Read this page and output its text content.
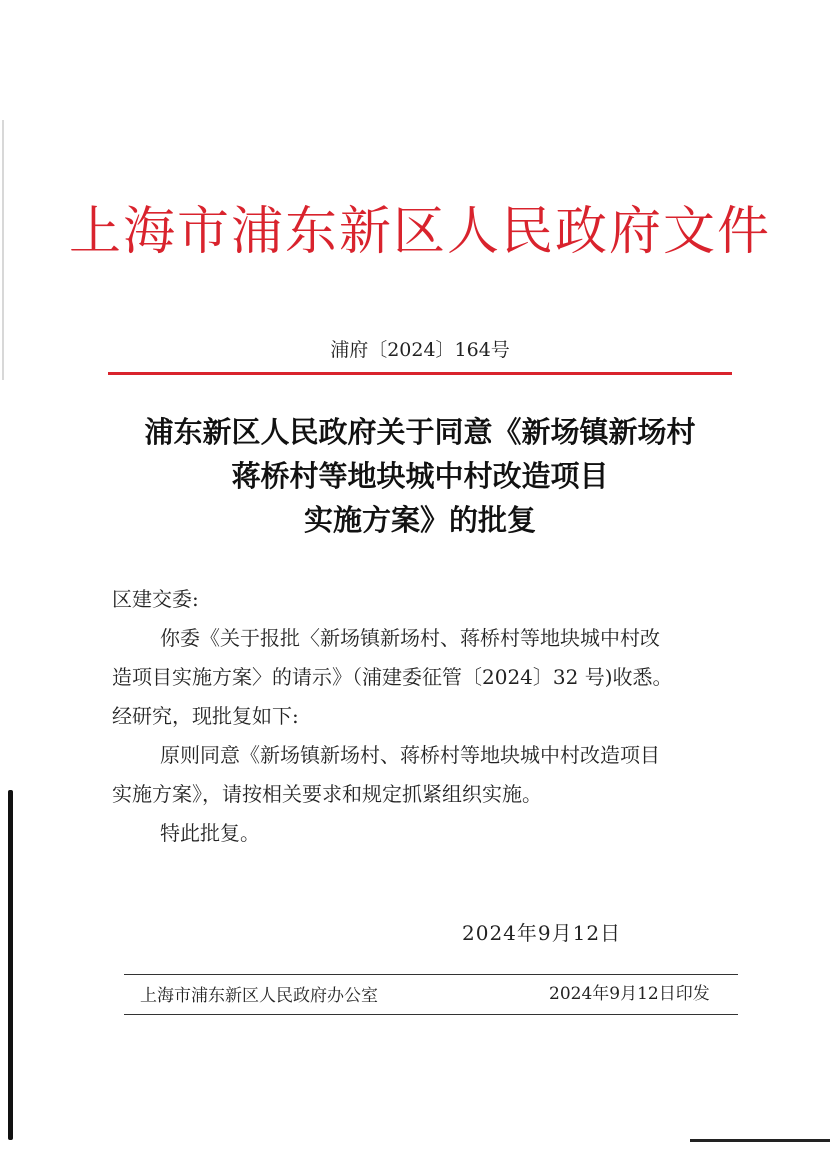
上海市浦东新区人民政府文件
浦府〔2024〕164号
浦东新区人民政府关于同意《新场镇新场村
蒋桥村等地块城中村改造项目
实施方案》的批复

区建交委:

你委《关于报批〈新场镇新场村、蒋桥村等地块城中村改

造项目实施方案〉的请示》（浦建委征管〔2024〕32 号)收悉。

经研究，现批复如下:

原则同意《新场镇新场村、蒋桥村等地块城中村改造项目

实施方案》，请按相关要求和规定抓紧组织实施。

特此批复。

2024年9月12日
上海市浦东新区人民政府办公室	2024年9月12日印发
